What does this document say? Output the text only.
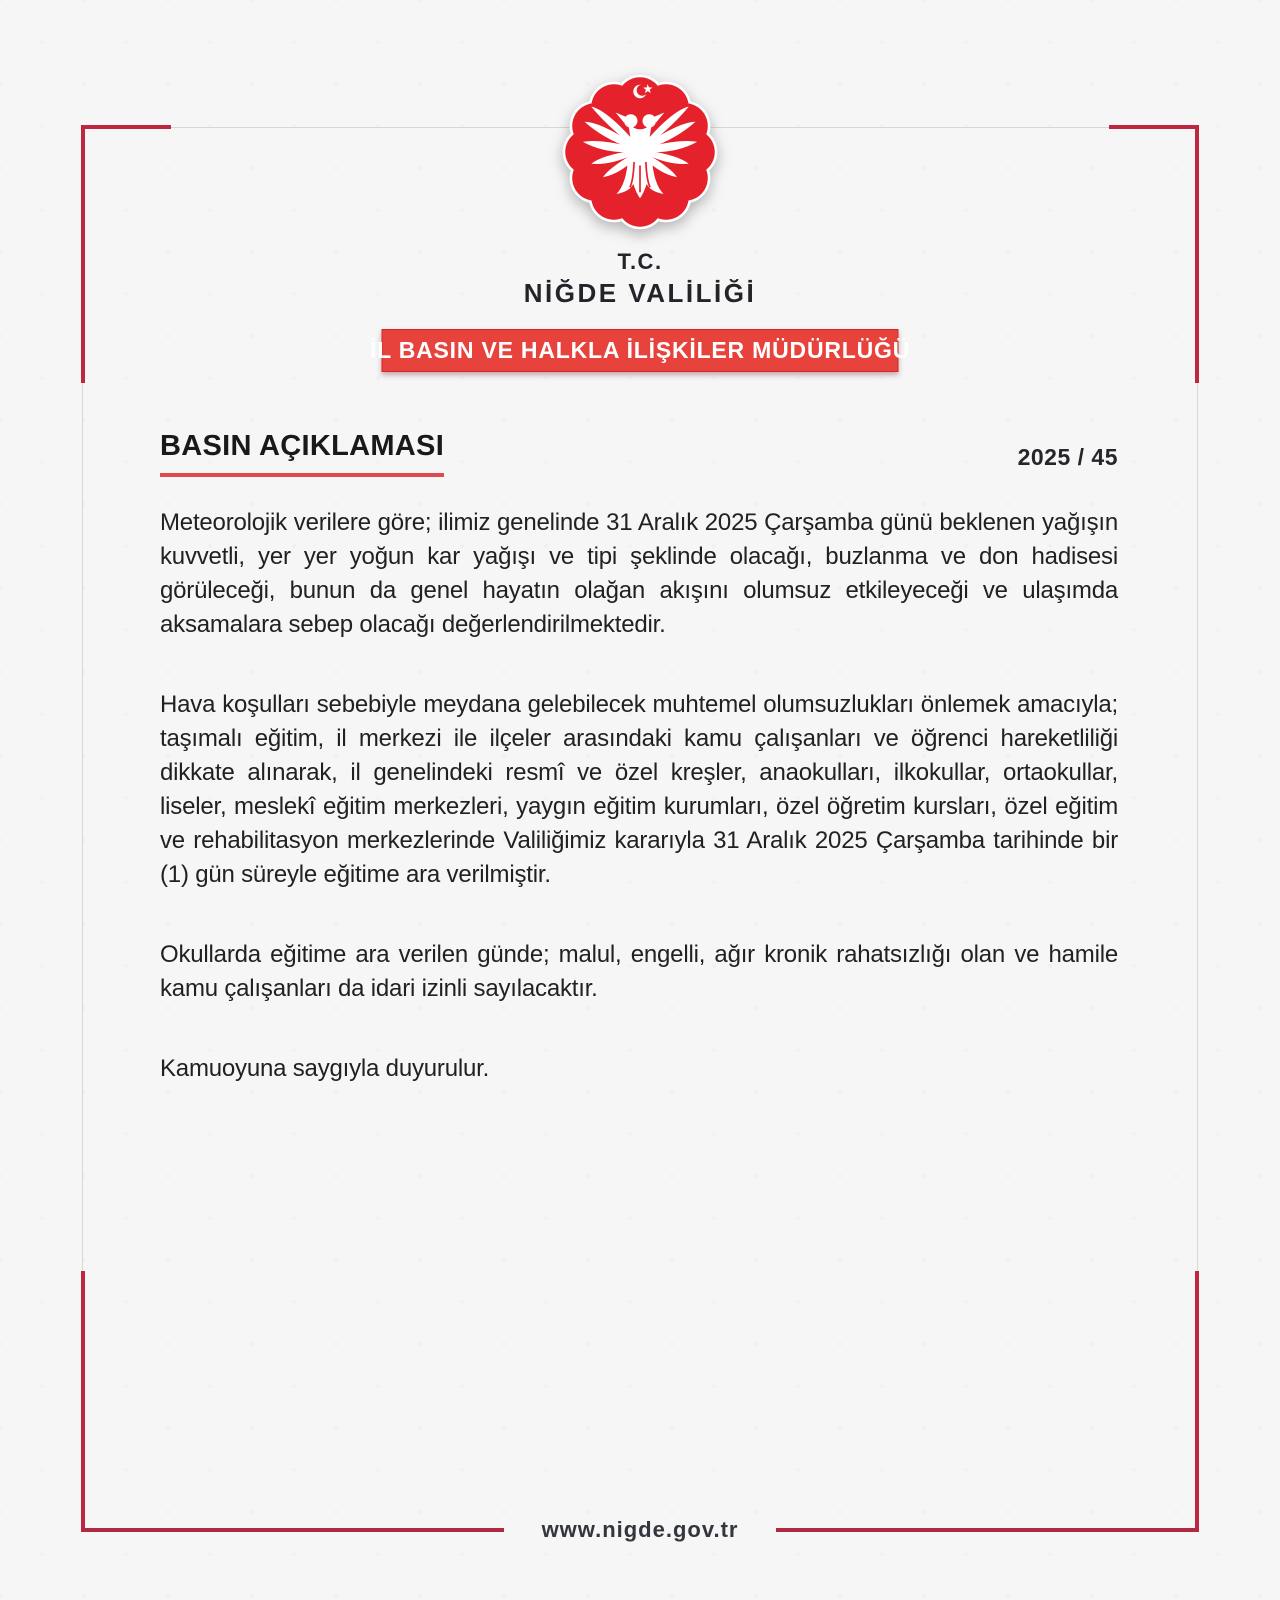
T.C.
NİĞDE VALİLİĞİ
İL BASIN VE HALKLA İLİŞKİLER MÜDÜRLÜĞÜ
BASIN AÇIKLAMASI	2025 / 45

Meteorolojik verilere göre; ilimiz genelinde 31 Aralık 2025 Çarşamba günü beklenen yağışın kuvvetli, yer yer yoğun kar yağışı ve tipi şeklinde olacağı, buzlanma ve don hadisesi görüleceği, bunun da genel hayatın olağan akışını olumsuz etkileyeceği ve ulaşımda aksamalara sebep olacağı değerlendirilmektedir.

Hava koşulları sebebiyle meydana gelebilecek muhtemel olumsuzlukları önlemek amacıyla; taşımalı eğitim, il merkezi ile ilçeler arasındaki kamu çalışanları ve öğrenci hareketliliği dikkate alınarak, il genelindeki resmî ve özel kreşler, anaokulları, ilkokullar, ortaokullar, liseler, meslekî eğitim merkezleri, yaygın eğitim kurumları, özel öğretim kursları, özel eğitim ve rehabilitasyon merkezlerinde Valiliğimiz kararıyla 31 Aralık 2025 Çarşamba tarihinde bir (1) gün süreyle eğitime ara verilmiştir.

Okullarda eğitime ara verilen günde; malul, engelli, ağır kronik rahatsızlığı olan ve hamile kamu çalışanları da idari izinli sayılacaktır.

Kamuoyuna saygıyla duyurulur.

www.nigde.gov.tr
